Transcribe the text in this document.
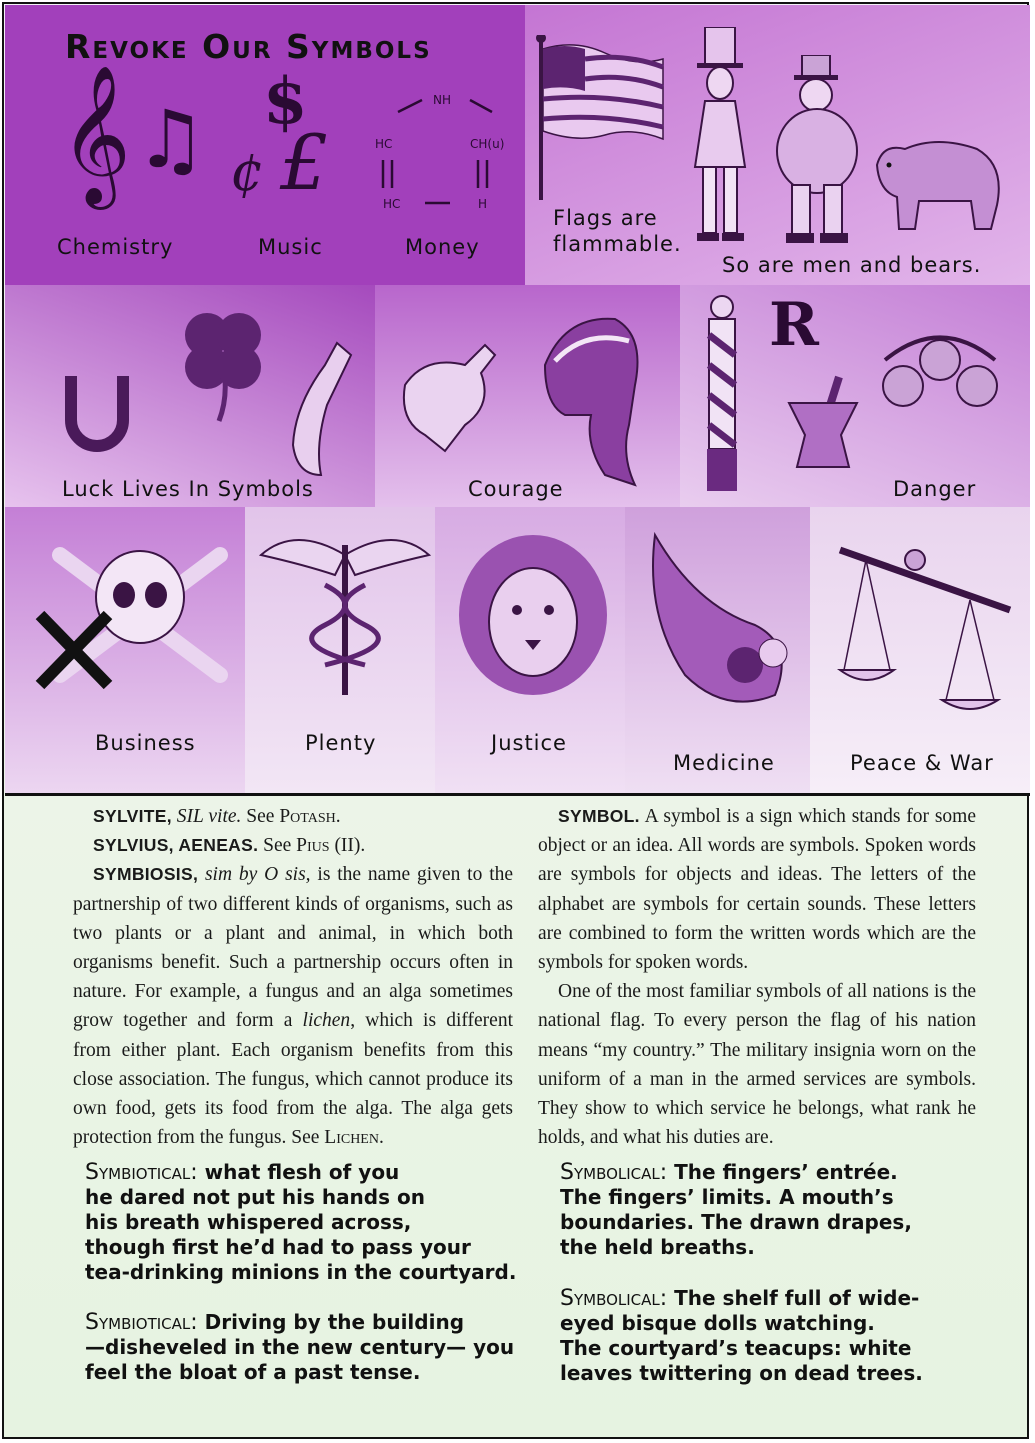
Revoke Our Symbols
𝄞 ♫ $
¢ £
NH
HC	CH(u)
HC	H
Chemistry	Music	Money
Flags are
flammable.
So are men and bears.
Luck Lives In Symbols	Courage
R
Danger
Business	Plenty	Justice
Medicine	Peace & War

SYLVITE, SIL vite. See Potash.

SYLVIUS, AENEAS. See Pius (II).

SYMBIOSIS, sim by O sis, is the name given to the partnership of two different kinds of organisms, such as two plants or a plant and animal, in which both organisms benefit. Such a partnership occurs often in nature. For example, a fungus and an alga sometimes grow together and form a lichen, which is different from either plant. Each organism benefits from this close association. The fungus, which cannot produce its own food, gets its food from the alga. The alga gets protection from the fungus. See Lichen.

SYMBOL. A symbol is a sign which stands for some object or an idea. All words are symbols. Spoken words are symbols for objects and ideas. The letters of the alphabet are symbols for certain sounds. These letters are combined to form the written words which are the symbols for spoken words.

One of the most familiar symbols of all nations is the national flag. To every person the flag of his nation means “my country.” The military insignia worn on the uniform of a man in the armed services are symbols. They show to which service he belongs, what rank he holds, and what his duties are.

Symbiotical: what flesh of you
he dared not put his hands on
his breath whispered across,
though first he’d had to pass your
tea-drinking minions in the courtyard.
Symbiotical: Driving by the building
—disheveled in the new century— you
feel the bloat of a past tense.
Symbolical: The fingers’ entrée.
The fingers’ limits. A mouth’s
boundaries. The drawn drapes,
the held breaths.
Symbolical: The shelf full of wide-
eyed bisque dolls watching.
The courtyard’s teacups: white
leaves twittering on dead trees.
